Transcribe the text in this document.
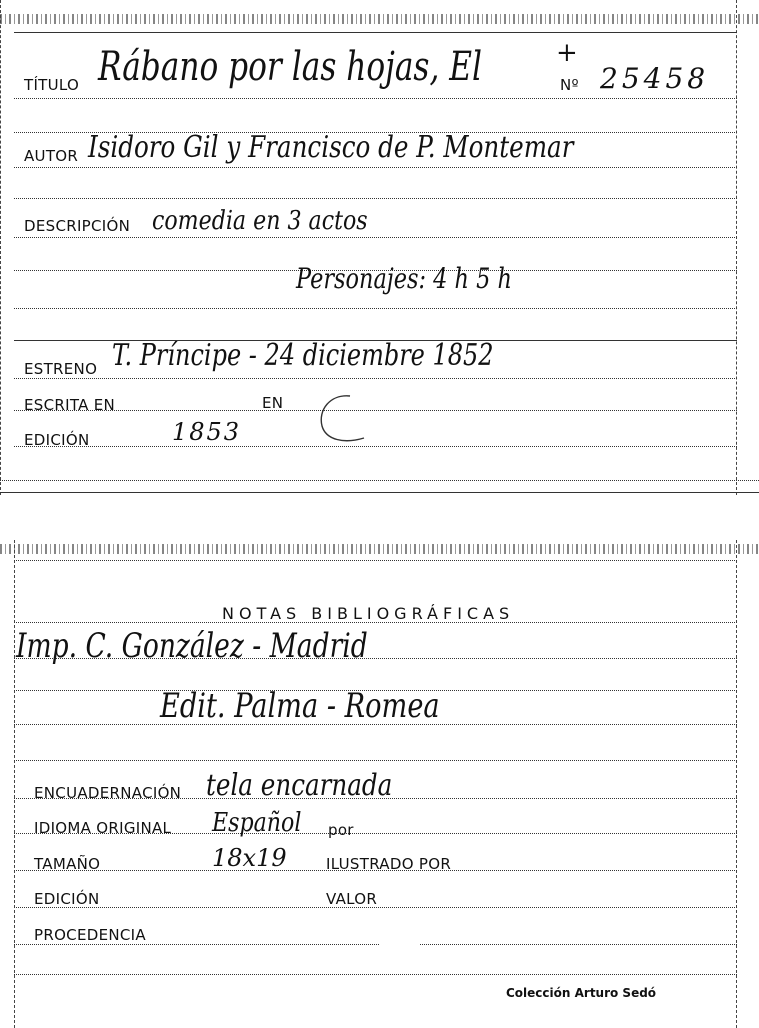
TÍTULO Rábano por las hojas, El	+
Nº 25458
AUTOR Isidoro Gil y Francisco de P. Montemar
DESCRIPCIÓN comedia en 3 actos
Personajes: 4 h 5 h
ESTRENO T. Príncipe - 24 diciembre 1852
ESCRITA EN	EN
EDICIÓN	1853
NOTAS BIBLIOGRÁFICAS
Imp. C. González - Madrid
Edit. Palma - Romea
ENCUADERNACIÓN tela encarnada
IDIOMA ORIGINAL Español por
TAMAÑO	18x19	ILUSTRADO POR
EDICIÓN	VALOR
PROCEDENCIA
Colección Arturo Sedó
